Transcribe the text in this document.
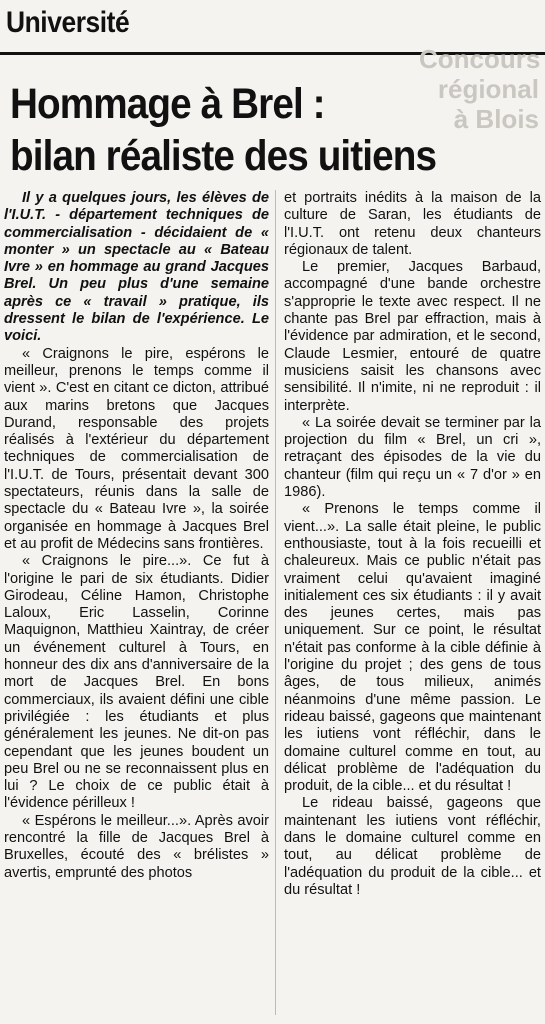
Université
Concours régional à Blois
Hommage à Brel :
bilan réaliste des uitiens

Il y a quelques jours, les élèves de l'I.U.T. - département techniques de commercialisation - décidaient de « monter » un spectacle au « Bateau Ivre » en hommage au grand Jacques Brel. Un peu plus d'une semaine après ce « travail » pratique, ils dressent le bilan de l'expérience. Le voici.

« Craignons le pire, espérons le meilleur, prenons le temps comme il vient ». C'est en citant ce dicton, attribué aux marins bretons que Jacques Durand, responsable des projets réalisés à l'extérieur du département techniques de commercialisation de l'I.U.T. de Tours, présentait devant 300 spectateurs, réunis dans la salle de spectacle du « Bateau Ivre », la soirée organisée en hommage à Jacques Brel et au profit de Médecins sans frontières.

« Craignons le pire...». Ce fut à l'origine le pari de six étudiants. Didier Girodeau, Céline Hamon, Christophe Laloux, Eric Lasselin, Corinne Maquignon, Matthieu Xaintray, de créer un événement culturel à Tours, en honneur des dix ans d'anniversaire de la mort de Jacques Brel. En bons commerciaux, ils avaient défini une cible privilégiée : les étudiants et plus généralement les jeunes. Ne dit-on pas cependant que les jeunes boudent un peu Brel ou ne se reconnaissent plus en lui ? Le choix de ce public était à l'évidence périlleux !

« Espérons le meilleur...». Après avoir rencontré la fille de Jacques Brel à Bruxelles, écouté des « brélistes » avertis, emprunté des photos

et portraits inédits à la maison de la culture de Saran, les étudiants de l'I.U.T. ont retenu deux chanteurs régionaux de talent.

Le premier, Jacques Barbaud, accompagné d'une bande orchestre s'approprie le texte avec respect. Il ne chante pas Brel par effraction, mais à l'évidence par admiration, et le second, Claude Lesmier, entouré de quatre musiciens saisit les chansons avec sensibilité. Il n'imite, ni ne reproduit : il interprète.

« La soirée devait se terminer par la projection du film « Brel, un cri », retraçant des épisodes de la vie du chanteur (film qui reçu un « 7 d'or » en 1986).

« Prenons le temps comme il vient...». La salle était pleine, le public enthousiaste, tout à la fois recueilli et chaleureux. Mais ce public n'était pas vraiment celui qu'avaient imaginé initialement ces six étudiants : il y avait des jeunes certes, mais pas uniquement. Sur ce point, le résultat n'était pas conforme à la cible définie à l'origine du projet ; des gens de tous âges, de tous milieux, animés néanmoins d'une même passion. Le rideau baissé, gageons que maintenant les iutiens vont réfléchir, dans le domaine culturel comme en tout, au délicat problème de l'adéquation du produit, de la cible... et du résultat !

Le rideau baissé, gageons que maintenant les iutiens vont réfléchir, dans le domaine culturel comme en tout, au délicat problème de l'adéquation du produit de la cible... et du résultat !
